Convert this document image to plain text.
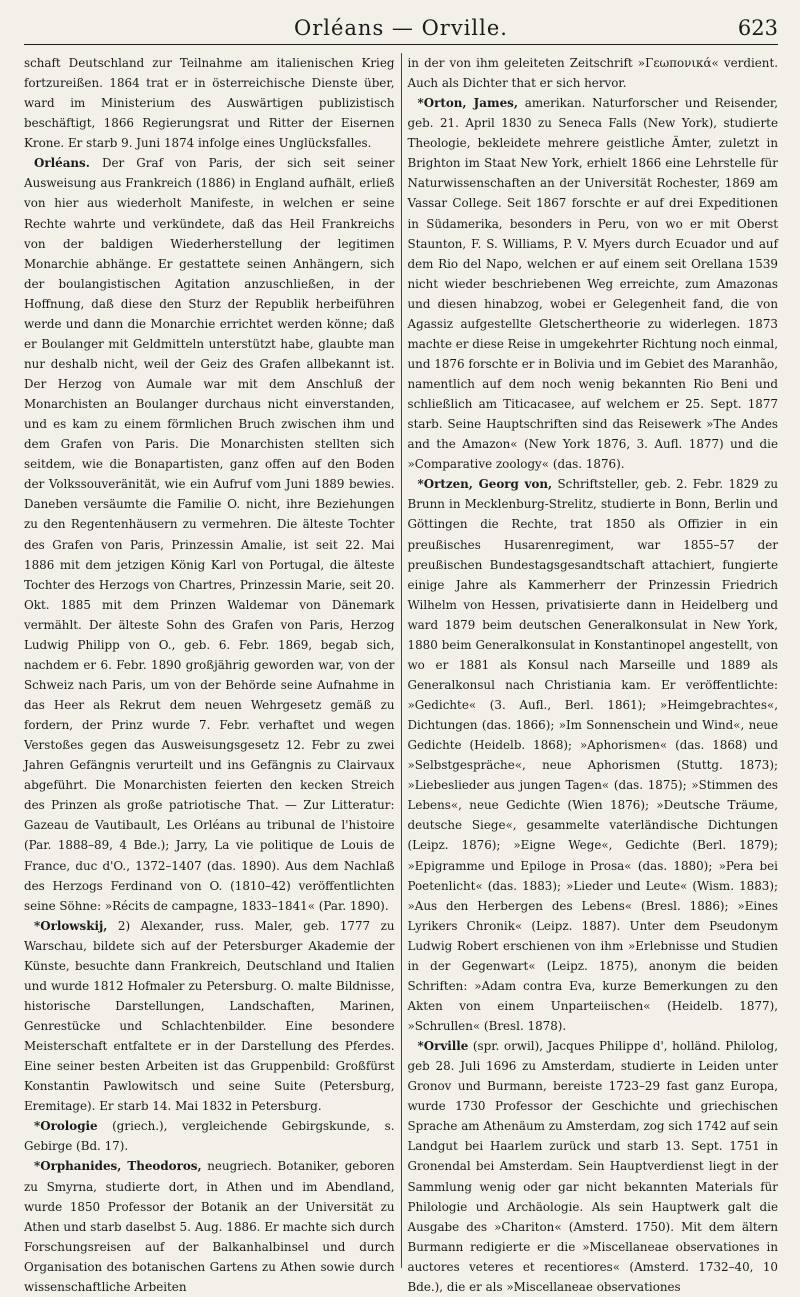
Orléans — Orville.	623

schaft Deutschland zur Teilnahme am italienischen Krieg fortzureißen. 1864 trat er in österreichische Dienste über, ward im Ministerium des Auswärtigen publizistisch beschäftigt, 1866 Regierungsrat und Ritter der Eisernen Krone. Er starb 9. Juni 1874 infolge eines Unglücksfalles.

Orléans. Der Graf von Paris, der sich seit seiner Ausweisung aus Frankreich (1886) in England aufhält, erließ von hier aus wiederholt Manifeste, in welchen er seine Rechte wahrte und verkündete, daß das Heil Frankreichs von der baldigen Wiederherstellung der legitimen Monarchie abhänge. Er gestattete seinen Anhängern, sich der boulangistischen Agitation anzuschließen, in der Hoffnung, daß diese den Sturz der Republik herbeiführen werde und dann die Monarchie errichtet werden könne; daß er Boulanger mit Geldmitteln unterstützt habe, glaubte man nur deshalb nicht, weil der Geiz des Grafen allbekannt ist. Der Herzog von Aumale war mit dem Anschluß der Monarchisten an Boulanger durchaus nicht einverstanden, und es kam zu einem förmlichen Bruch zwischen ihm und dem Grafen von Paris. Die Monarchisten stellten sich seitdem, wie die Bonapartisten, ganz offen auf den Boden der Volkssouveränität, wie ein Aufruf vom Juni 1889 bewies. Daneben versäumte die Familie O. nicht, ihre Beziehungen zu den Regentenhäusern zu vermehren. Die älteste Tochter des Grafen von Paris, Prinzessin Amalie, ist seit 22. Mai 1886 mit dem jetzigen König Karl von Portugal, die älteste Tochter des Herzogs von Chartres, Prinzessin Marie, seit 20. Okt. 1885 mit dem Prinzen Waldemar von Dänemark vermählt. Der älteste Sohn des Grafen von Paris, Herzog Ludwig Philipp von O., geb. 6. Febr. 1869, begab sich, nachdem er 6. Febr. 1890 großjährig geworden war, von der Schweiz nach Paris, um von der Behörde seine Aufnahme in das Heer als Rekrut dem neuen Wehrgesetz gemäß zu fordern, der Prinz wurde 7. Febr. verhaftet und wegen Verstoßes gegen das Ausweisungsgesetz 12. Febr zu zwei Jahren Gefängnis verurteilt und ins Gefängnis zu Clairvaux abgeführt. Die Monarchisten feierten den kecken Streich des Prinzen als große patriotische That. — Zur Litteratur: Gazeau de Vautibault, Les Orléans au tribunal de l'histoire (Par. 1888–89, 4 Bde.); Jarry, La vie politique de Louis de France, duc d'O., 1372–1407 (das. 1890). Aus dem Nachlaß des Herzogs Ferdinand von O. (1810–42) veröffentlichten seine Söhne: »Récits de campagne, 1833–1841« (Par. 1890).

*Orlowskij, 2) Alexander, russ. Maler, geb. 1777 zu Warschau, bildete sich auf der Petersburger Akademie der Künste, besuchte dann Frankreich, Deutschland und Italien und wurde 1812 Hofmaler zu Petersburg. O. malte Bildnisse, historische Darstellungen, Landschaften, Marinen, Genrestücke und Schlachtenbilder. Eine besondere Meisterschaft entfaltete er in der Darstellung des Pferdes. Eine seiner besten Arbeiten ist das Gruppenbild: Großfürst Konstantin Pawlowitsch und seine Suite (Petersburg, Eremitage). Er starb 14. Mai 1832 in Petersburg.

*Orologie (griech.), vergleichende Gebirgskunde, s. Gebirge (Bd. 17).

*Orphanides, Theodoros, neugriech. Botaniker, geboren zu Smyrna, studierte dort, in Athen und im Abendland, wurde 1850 Professor der Botanik an der Universität zu Athen und starb daselbst 5. Aug. 1886. Er machte sich durch Forschungsreisen auf der Balkanhalbinsel und durch Organisation des botanischen Gartens zu Athen sowie durch wissenschaftliche Arbeiten

in der von ihm geleiteten Zeitschrift »Γεωπονικά« verdient. Auch als Dichter that er sich hervor.

*Orton, James, amerikan. Naturforscher und Reisender, geb. 21. April 1830 zu Seneca Falls (New York), studierte Theologie, bekleidete mehrere geistliche Ämter, zuletzt in Brighton im Staat New York, erhielt 1866 eine Lehrstelle für Naturwissenschaften an der Universität Rochester, 1869 am Vassar College. Seit 1867 forschte er auf drei Expeditionen in Südamerika, besonders in Peru, von wo er mit Oberst Staunton, F. S. Williams, P. V. Myers durch Ecuador und auf dem Rio del Napo, welchen er auf einem seit Orellana 1539 nicht wieder beschriebenen Weg erreichte, zum Amazonas und diesen hinabzog, wobei er Gelegenheit fand, die von Agassiz aufgestellte Gletschertheorie zu widerlegen. 1873 machte er diese Reise in umgekehrter Richtung noch einmal, und 1876 forschte er in Bolivia und im Gebiet des Maranhão, namentlich auf dem noch wenig bekannten Rio Beni und schließlich am Titicacasee, auf welchem er 25. Sept. 1877 starb. Seine Hauptschriften sind das Reisewerk »The Andes and the Amazon« (New York 1876, 3. Aufl. 1877) und die »Comparative zoology« (das. 1876).

*Ortzen, Georg von, Schriftsteller, geb. 2. Febr. 1829 zu Brunn in Mecklenburg-Strelitz, studierte in Bonn, Berlin und Göttingen die Rechte, trat 1850 als Offizier in ein preußisches Husarenregiment, war 1855–57 der preußischen Bundestagsgesandtschaft attachiert, fungierte einige Jahre als Kammerherr der Prinzessin Friedrich Wilhelm von Hessen, privatisierte dann in Heidelberg und ward 1879 beim deutschen Generalkonsulat in New York, 1880 beim Generalkonsulat in Konstantinopel angestellt, von wo er 1881 als Konsul nach Marseille und 1889 als Generalkonsul nach Christiania kam. Er veröffentlichte: »Gedichte« (3. Aufl., Berl. 1861); »Heimgebrachtes«, Dichtungen (das. 1866); »Im Sonnenschein und Wind«, neue Gedichte (Heidelb. 1868); »Aphorismen« (das. 1868) und »Selbstgespräche«, neue Aphorismen (Stuttg. 1873); »Liebeslieder aus jungen Tagen« (das. 1875); »Stimmen des Lebens«, neue Gedichte (Wien 1876); »Deutsche Träume, deutsche Siege«, gesammelte vaterländische Dichtungen (Leipz. 1876); »Eigne Wege«, Gedichte (Berl. 1879); »Epigramme und Epiloge in Prosa« (das. 1880); »Pera bei Poetenlicht« (das. 1883); »Lieder und Leute« (Wism. 1883); »Aus den Herbergen des Lebens« (Bresl. 1886); »Eines Lyrikers Chronik« (Leipz. 1887). Unter dem Pseudonym Ludwig Robert erschienen von ihm »Erlebnisse und Studien in der Gegenwart« (Leipz. 1875), anonym die beiden Schriften: »Adam contra Eva, kurze Bemerkungen zu den Akten von einem Unparteiischen« (Heidelb. 1877), »Schrullen« (Bresl. 1878).

*Orville (spr. orwil), Jacques Philippe d', holländ. Philolog, geb 28. Juli 1696 zu Amsterdam, studierte in Leiden unter Gronov und Burmann, bereiste 1723–29 fast ganz Europa, wurde 1730 Professor der Geschichte und griechischen Sprache am Athenäum zu Amsterdam, zog sich 1742 auf sein Landgut bei Haarlem zurück und starb 13. Sept. 1751 in Gronendal bei Amsterdam. Sein Hauptverdienst liegt in der Sammlung wenig oder gar nicht bekannten Materials für Philologie und Archäologie. Als sein Hauptwerk galt die Ausgabe des »Chariton« (Amsterd. 1750). Mit dem ältern Burmann redigierte er die »Miscellaneae observationes in auctores veteres et recentiores« (Amsterd. 1732–40, 10 Bde.), die er als »Miscellaneae observationes
